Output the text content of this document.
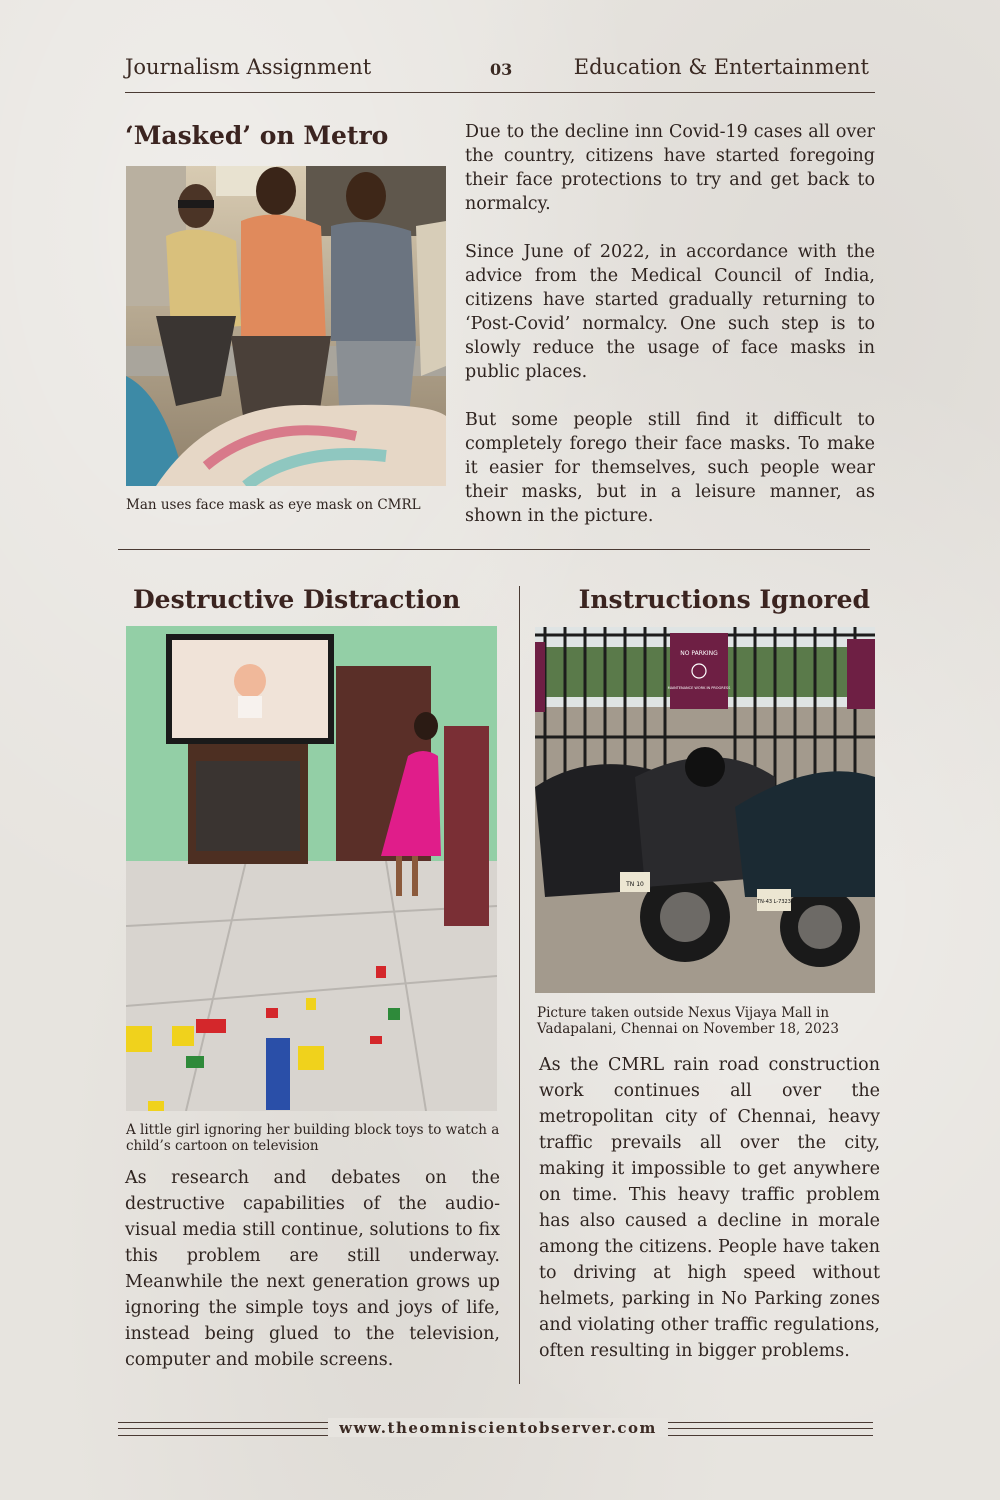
Journalism Assignment	03	Education & Entertainment
‘Masked’ on Metro
Man uses face mask as eye mask on CMRL

Due to the decline inn Covid-19 cases all over the country, citizens have started foregoing their face protections to try and get back to normalcy.

Since June of 2022, in accordance with the advice from the Medical Council of India, citizens have started gradually returning to ‘Post-Covid’ normalcy. One such step is to slowly reduce the usage of face masks in public places.

But some people still find it difficult to completely forego their face masks. To make it easier for themselves, such people wear their masks, but in a leisure manner, as shown in the picture.

Destructive Distraction
A little girl ignoring her building block toys to watch a child’s cartoon on television
As research and debates on the destructive capabilities of the audio-visual media still continue, solutions to fix this problem are still underway. Meanwhile the next generation grows up ignoring the simple toys and joys of life, instead being glued to the television, computer and mobile screens.
Instructions Ignored
NO PARKING
MAINTENANCE WORK IN PROGRESS
TN 10
TN-43 L-7323
Picture taken outside Nexus Vijaya Mall in Vadapalani, Chennai on November 18, 2023
As the CMRL rain road construction work continues all over the metropolitan city of Chennai, heavy traffic prevails all over the city, making it impossible to get anywhere on time. This heavy traffic problem has also caused a decline in morale among the citizens. People have taken to driving at high speed without helmets, parking in No Parking zones and violating other traffic regulations, often resulting in bigger problems.
www.theomniscientobserver.com
